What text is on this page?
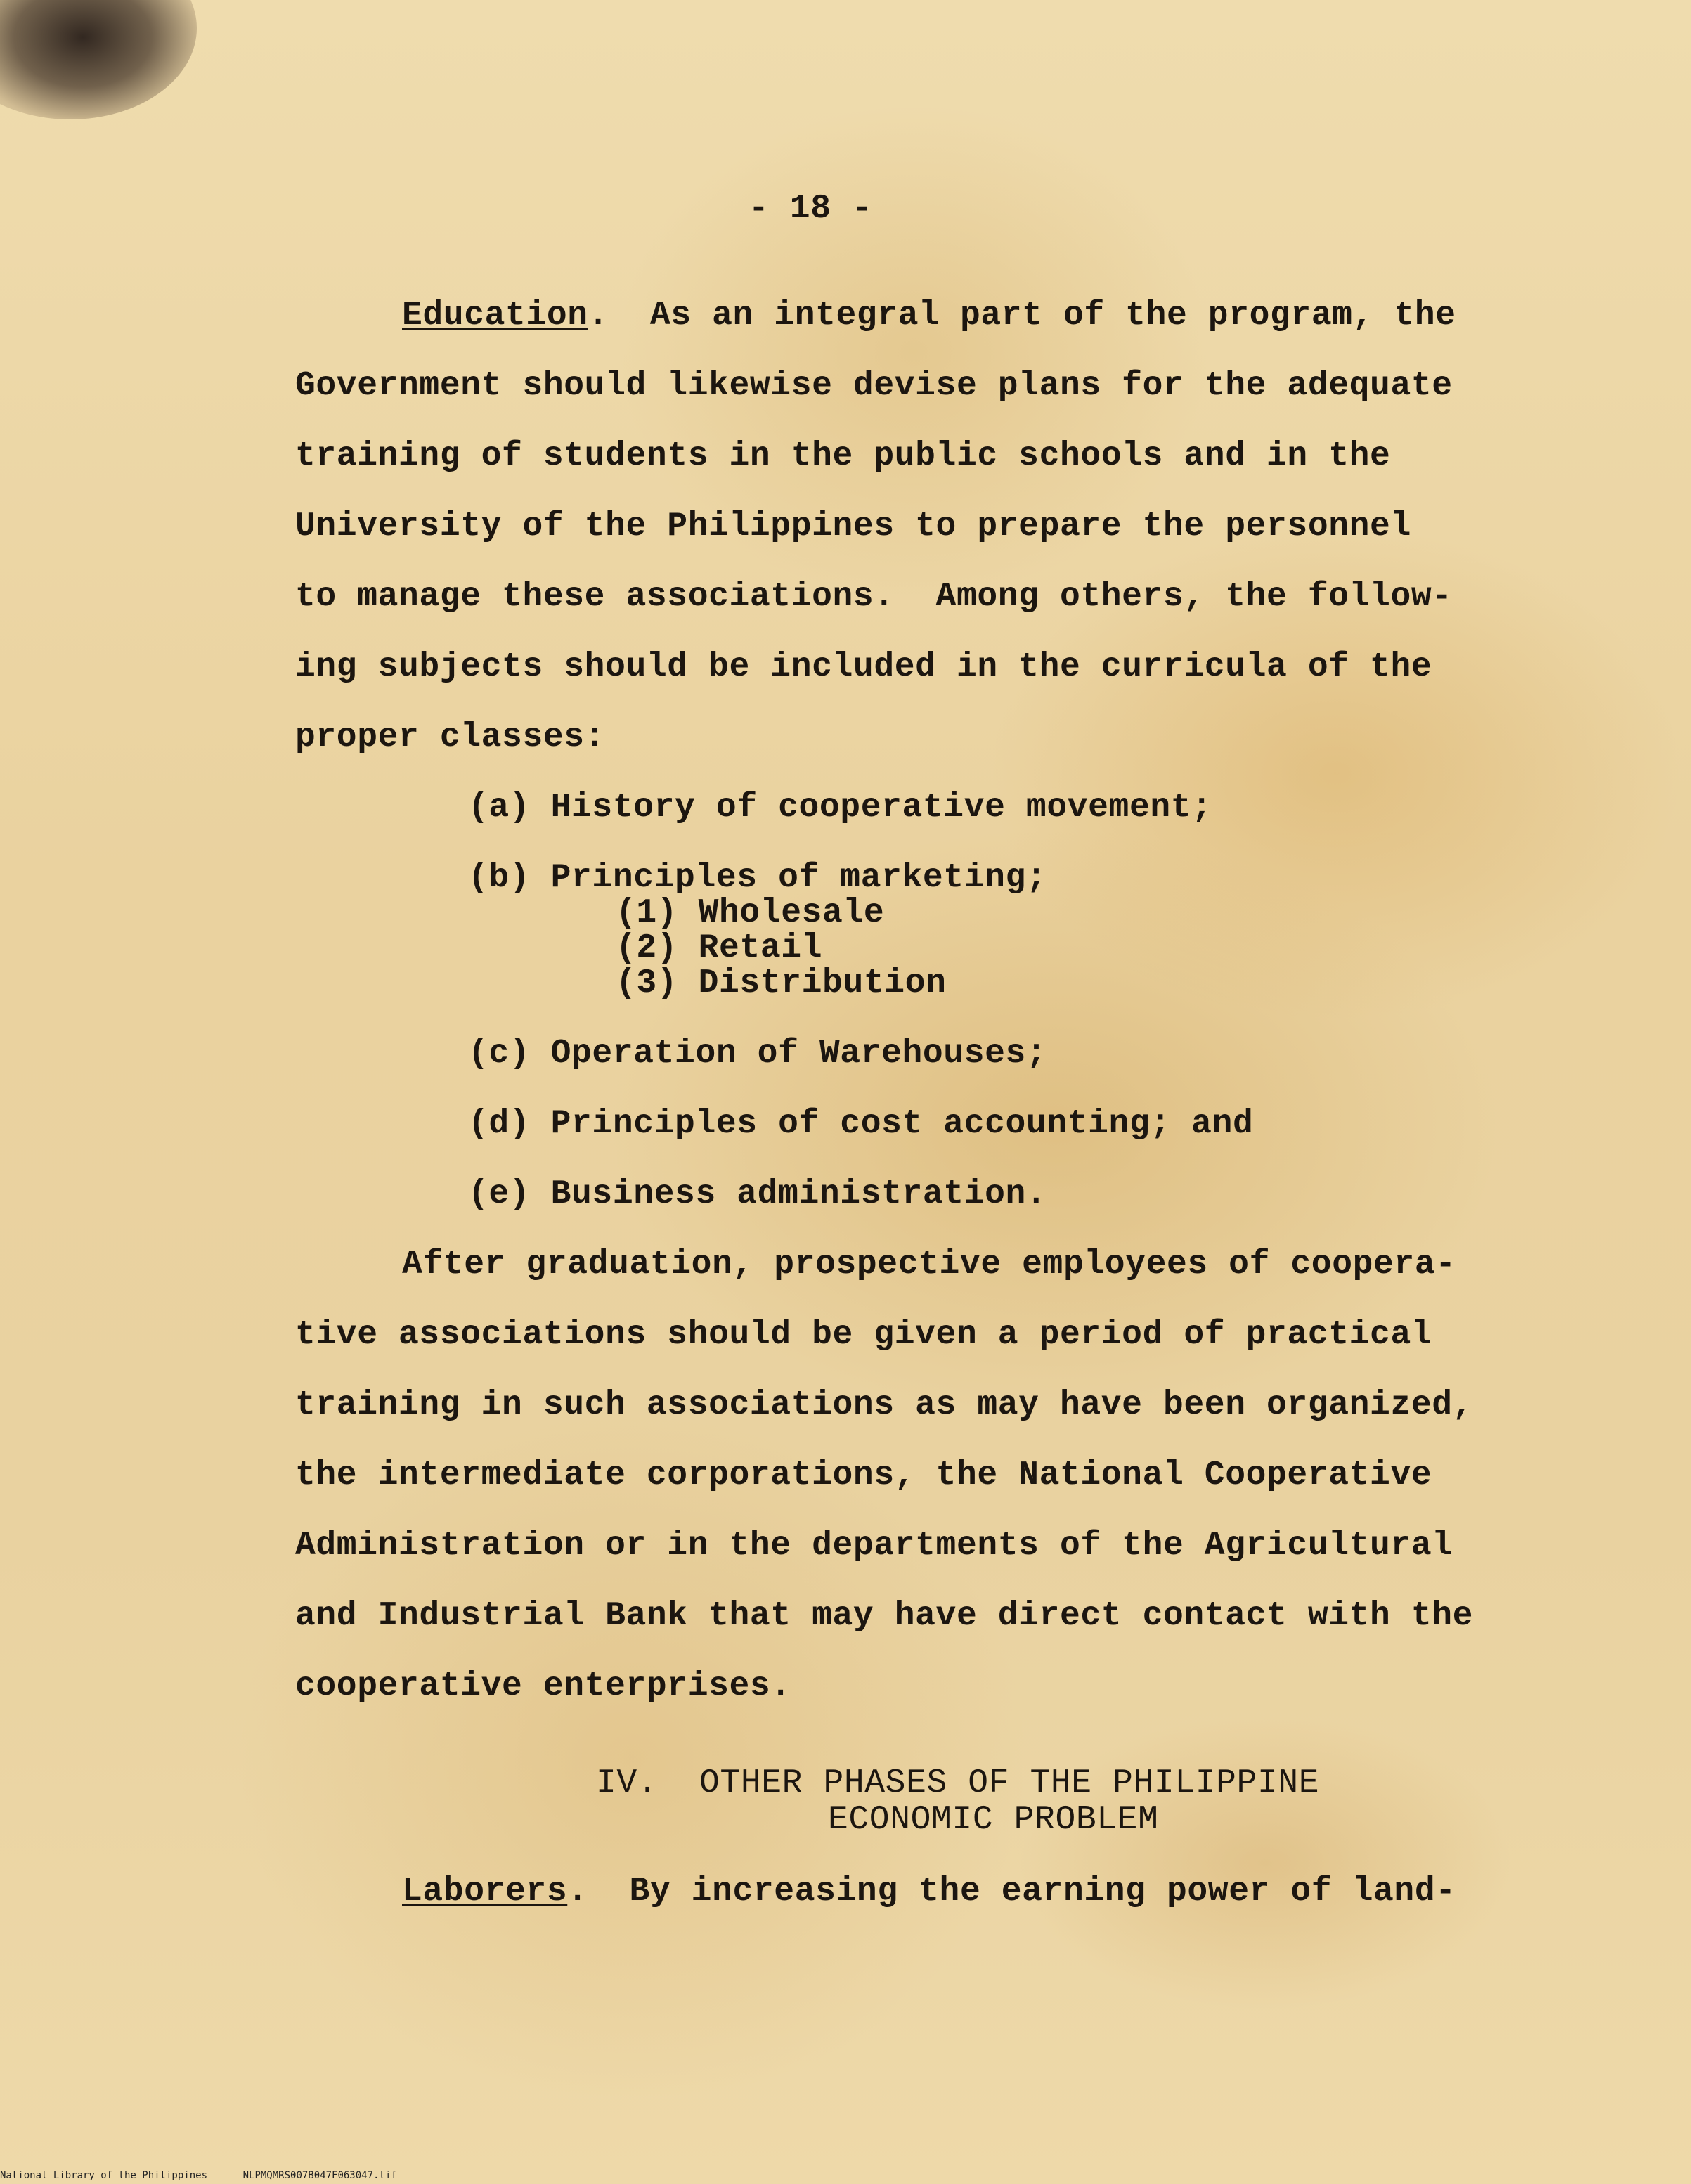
- 18 -
Education.  As an integral part of the program, the
Government should likewise devise plans for the adequate
training of students in the public schools and in the
University of the Philippines to prepare the personnel
to manage these associations.  Among others, the follow-
ing subjects should be included in the curricula of the
proper classes:
(a) History of cooperative movement;
(b) Principles of marketing;
(1) Wholesale
(2) Retail
(3) Distribution
(c) Operation of Warehouses;
(d) Principles of cost accounting; and
(e) Business administration.
After graduation, prospective employees of coopera-
tive associations should be given a period of practical
training in such associations as may have been organized,
the intermediate corporations, the National Cooperative
Administration or in the departments of the Agricultural
and Industrial Bank that may have direct contact with the
cooperative enterprises.
IV.  OTHER PHASES OF THE PHILIPPINE
ECONOMIC PROBLEM
Laborers.  By increasing the earning power of land-
National Library of the Philippines	NLPMQMRS007B047F063047.tif
